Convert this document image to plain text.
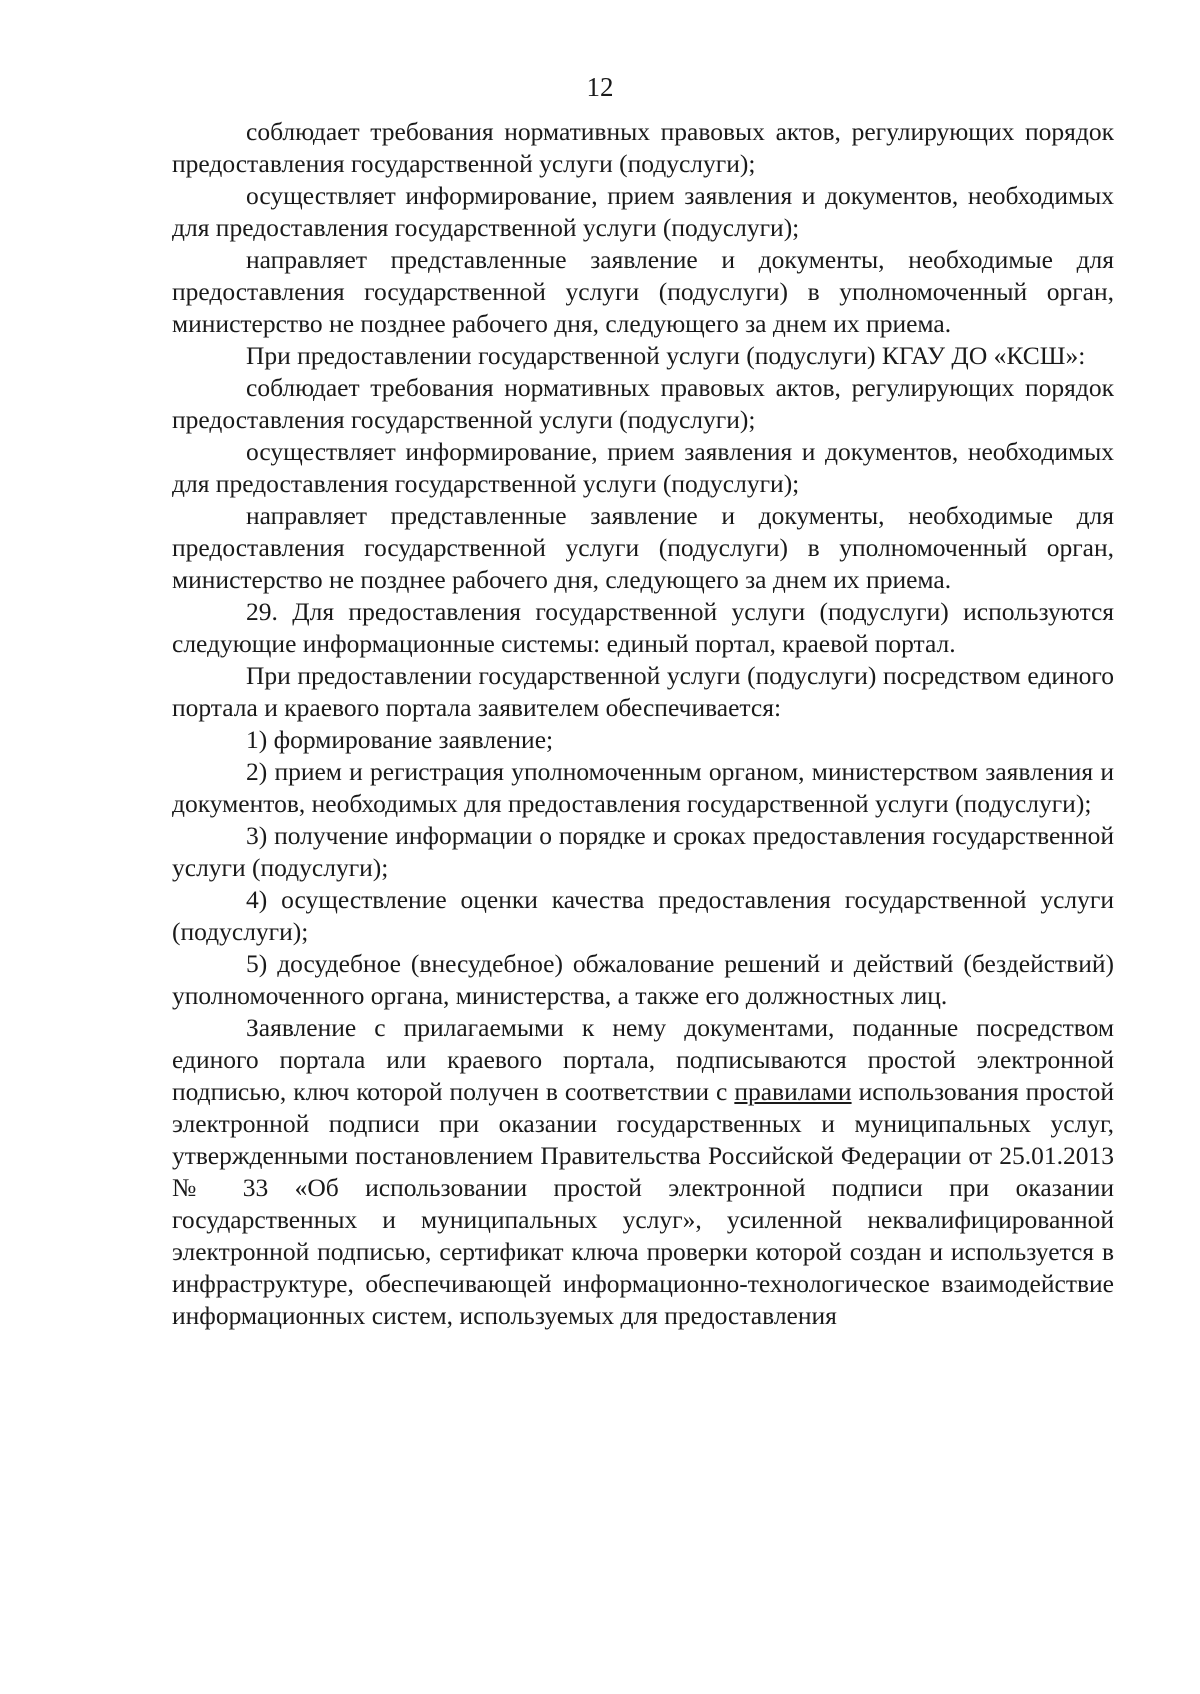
12

соблюдает требования нормативных правовых актов, регулирующих порядок предоставления государственной услуги (подуслуги);

осуществляет информирование, прием заявления и документов, необходимых для предоставления государственной услуги (подуслуги);

направляет представленные заявление и документы, необходимые для предоставления государственной услуги (подуслуги) в уполномоченный орган, министерство не позднее рабочего дня, следующего за днем их приема.

При предоставлении государственной услуги (подуслуги) КГАУ ДО «КСШ»:

соблюдает требования нормативных правовых актов, регулирующих порядок предоставления государственной услуги (подуслуги);

осуществляет информирование, прием заявления и документов, необходимых для предоставления государственной услуги (подуслуги);

направляет представленные заявление и документы, необходимые для предоставления государственной услуги (подуслуги) в уполномоченный орган, министерство не позднее рабочего дня, следующего за днем их приема.

29. Для предоставления государственной услуги (подуслуги) используются следующие информационные системы: единый портал, краевой портал.

При предоставлении государственной услуги (подуслуги) посредством единого портала и краевого портала заявителем обеспечивается:

1) формирование заявление;

2) прием и регистрация уполномоченным органом, министерством заявления и документов, необходимых для предоставления государственной услуги (подуслуги);

3) получение информации о порядке и сроках предоставления государственной услуги (подуслуги);

4) осуществление оценки качества предоставления государственной услуги (подуслуги);

5) досудебное (внесудебное) обжалование решений и действий (бездействий) уполномоченного органа, министерства, а также его должностных лиц.

Заявление с прилагаемыми к нему документами, поданные посредством единого портала или краевого портала, подписываются простой электронной подписью, ключ которой получен в соответствии с правилами использования простой электронной подписи при оказании государственных и муниципальных услуг, утвержденными постановлением Правительства Российской Федерации от 25.01.2013 № 33 «Об использовании простой электронной подписи при оказании государственных и муниципальных услуг», усиленной неквалифицированной электронной подписью, сертификат ключа проверки которой создан и используется в инфраструктуре, обеспечивающей информационно-технологическое взаимодействие информационных систем, используемых для предоставления
